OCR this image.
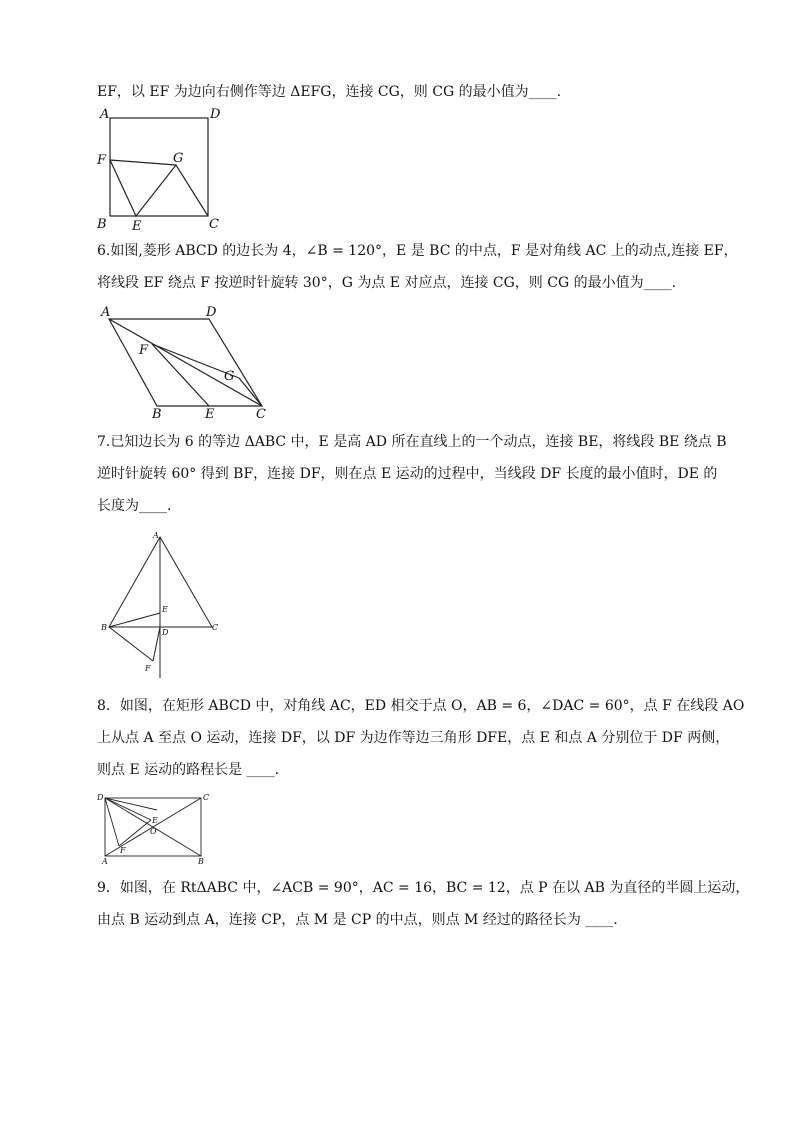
EF，以 EF 为边向右侧作等边 ΔEFG，连接 CG，则 CG 的最小值为____.
A	D
F	G
B E	C
6.如图,菱形 ABCD 的边长为 4，∠B = 120°，E 是 BC 的中点，F 是对角线 AC 上的动点,连接 EF，
将线段 EF 绕点 F 按逆时针旋转 30°，G 为点 E 对应点，连接 CG，则 CG 的最小值为____.
A	D
F
G
B	E	C
7.已知边长为 6 的等边 ΔABC 中，E 是高 AD 所在直线上的一个动点，连接 BE，将线段 BE 绕点 B
逆时针旋转 60° 得到 BF，连接 DF，则在点 E 运动的过程中，当线段 DF 长度的最小值时，DE 的
长度为____.
A
E
B
D
C
F
8．如图，在矩形 ABCD 中，对角线 AC，ED 相交于点 O，AB = 6，∠DAC = 60°，点 F 在线段 AO
上从点 A 至点 O 运动，连接 DF，以 DF 为边作等边三角形 DFE，点 E 和点 A 分别位于 DF 两侧，
则点 E 运动的路程长是 ____.
D	C
E
O
A
F
B
9．如图，在 RtΔABC 中，∠ACB = 90°，AC = 16，BC = 12，点 P 在以 AB 为直径的半圆上运动，
由点 B 运动到点 A，连接 CP，点 M 是 CP 的中点，则点 M 经过的路径长为 ____.
